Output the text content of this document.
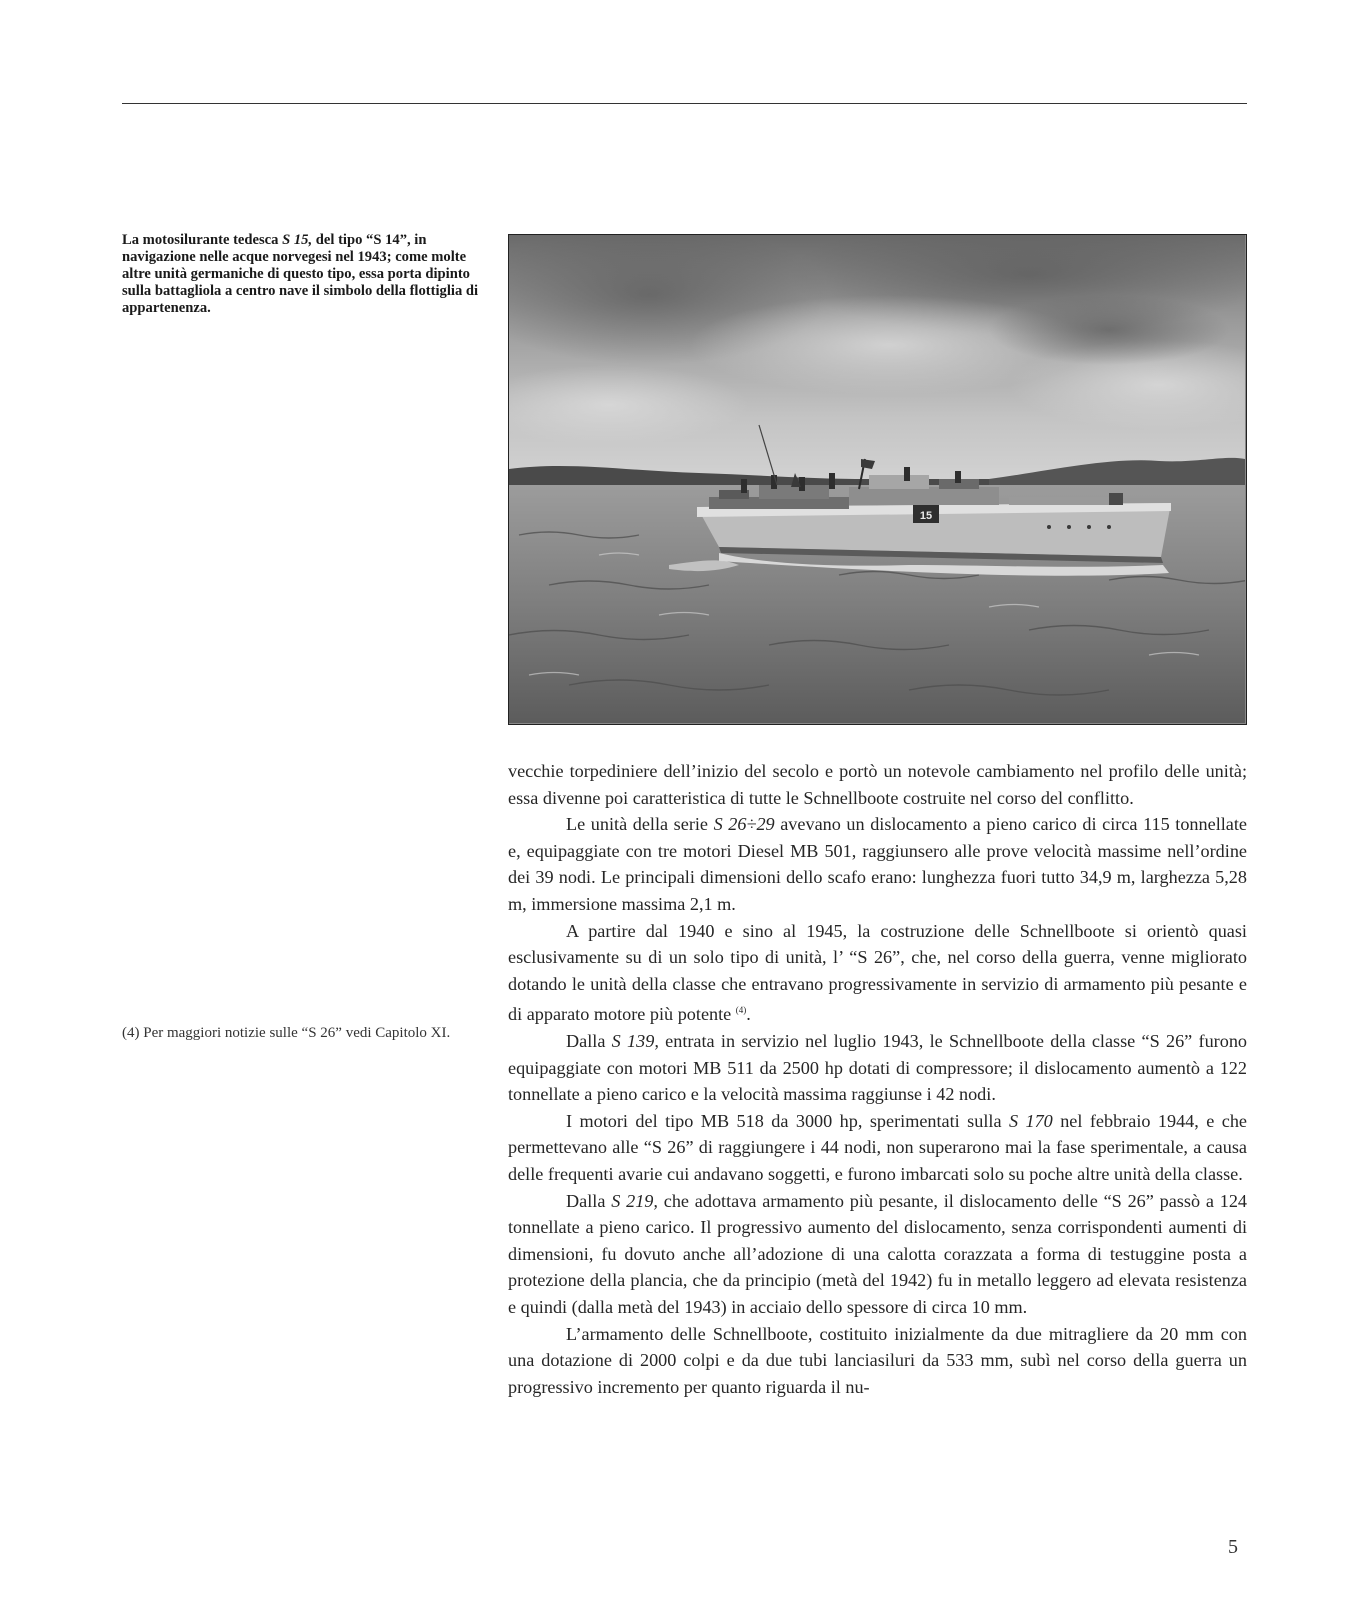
La motosilurante tedesca S 15, del tipo “S 14”, in navigazione nelle acque norvegesi nel 1943; come molte altre unità germaniche di questo tipo, essa porta dipinto sulla battagliola a centro nave il simbolo della flottiglia di appartenenza.
15
(4) Per maggiori notizie sulle “S 26” vedi Capitolo XI.

vecchie torpediniere dell’inizio del secolo e portò un notevole cambiamento nel profilo delle unità; essa divenne poi caratteristica di tutte le Schnellboote costruite nel corso del conflitto.

Le unità della serie S 26÷29 avevano un dislocamento a pieno carico di circa 115 tonnellate e, equipaggiate con tre motori Diesel MB 501, raggiunsero alle prove velocità massime nell’ordine dei 39 nodi. Le principali dimensioni dello scafo erano: lunghezza fuori tutto 34,9 m, larghezza 5,28 m, immersione massima 2,1 m.

A partire dal 1940 e sino al 1945, la costruzione delle Schnellboote si orientò quasi esclusivamente su di un solo tipo di unità, l’ “S 26”, che, nel corso della guerra, venne migliorato dotando le unità della classe che entravano progressivamente in servizio di armamento più pesante e di apparato motore più potente $^{(4)}$.

Dalla S 139, entrata in servizio nel luglio 1943, le Schnellboote della classe “S 26” furono equipaggiate con motori MB 511 da 2500 hp dotati di compressore; il dislocamento aumentò a 122 tonnellate a pieno carico e la velocità massima raggiunse i 42 nodi.

I motori del tipo MB 518 da 3000 hp, sperimentati sulla S 170 nel febbraio 1944, e che permettevano alle “S 26” di raggiungere i 44 nodi, non superarono mai la fase sperimentale, a causa delle frequenti avarie cui andavano soggetti, e furono imbarcati solo su poche altre unità della classe.

Dalla S 219, che adottava armamento più pesante, il dislocamento delle “S 26” passò a 124 tonnellate a pieno carico. Il progressivo aumento del dislocamento, senza corrispondenti aumenti di dimensioni, fu dovuto anche all’adozione di una calotta corazzata a forma di testuggine posta a protezione della plancia, che da principio (metà del 1942) fu in metallo leggero ad elevata resistenza e quindi (dalla metà del 1943) in acciaio dello spessore di circa 10 mm.

L’armamento delle Schnellboote, costituito inizialmente da due mitragliere da 20 mm con una dotazione di 2000 colpi e da due tubi lanciasiluri da 533 mm, subì nel corso della guerra un progressivo incremento per quanto riguarda il nu-

5
